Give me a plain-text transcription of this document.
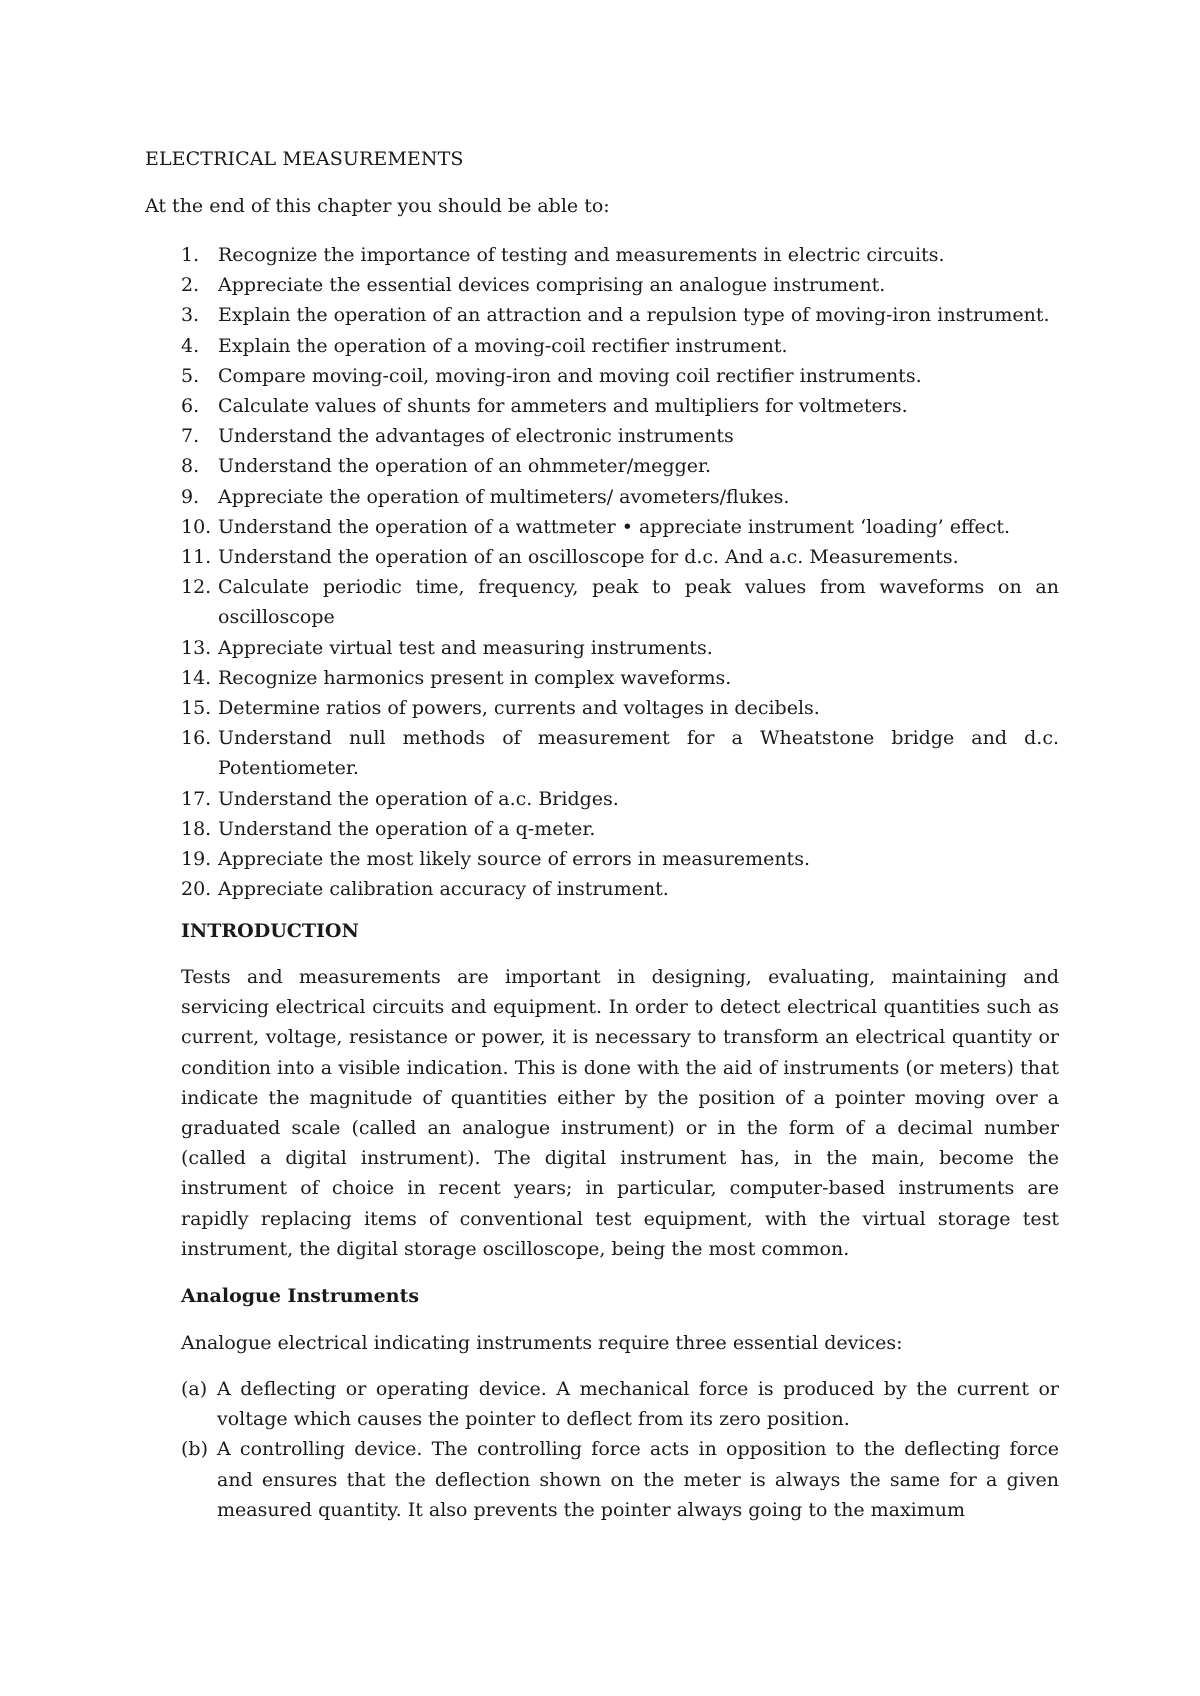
ELECTRICAL MEASUREMENTS
At the end of this chapter you should be able to:
1. Recognize the importance of testing and measurements in electric circuits.
2. Appreciate the essential devices comprising an analogue instrument.
3. Explain the operation of an attraction and a repulsion type of moving-iron instrument.
4. Explain the operation of a moving-coil rectifier instrument.
5. Compare moving-coil, moving-iron and moving coil rectifier instruments.
6. Calculate values of shunts for ammeters and multipliers for voltmeters.
7. Understand the advantages of electronic instruments
8. Understand the operation of an ohmmeter/megger.
9. Appreciate the operation of multimeters/ avometers/flukes.
10. Understand the operation of a wattmeter • appreciate instrument ‘loading’ effect.
11. Understand the operation of an oscilloscope for d.c. And a.c. Measurements.
12. Calculate periodic time, frequency, peak to peak values from waveforms on an oscilloscope
13. Appreciate virtual test and measuring instruments.
14. Recognize harmonics present in complex waveforms.
15. Determine ratios of powers, currents and voltages in decibels.
16. Understand null methods of measurement for a Wheatstone bridge and d.c. Potentiometer.
17. Understand the operation of a.c. Bridges.
18. Understand the operation of a q-meter.
19. Appreciate the most likely source of errors in measurements.
20. Appreciate calibration accuracy of instrument.
INTRODUCTION

Tests and measurements are important in designing, evaluating, maintaining and servicing electrical circuits and equipment. In order to detect electrical quantities such as current, voltage, resistance or power, it is necessary to transform an electrical quantity or condition into a visible indication. This is done with the aid of instruments (or meters) that indicate the magnitude of quantities either by the position of a pointer moving over a graduated scale (called an analogue instrument) or in the form of a decimal number (called a digital instrument). The digital instrument has, in the main, become the instrument of choice in recent years; in particular, computer-based instruments are rapidly replacing items of conventional test equipment, with the virtual storage test instrument, the digital storage oscilloscope, being the most common.

Analogue Instruments
Analogue electrical indicating instruments require three essential devices:
(a) A deflecting or operating device. A mechanical force is produced by the current or voltage which causes the pointer to deflect from its zero position.
(b) A controlling device. The controlling force acts in opposition to the deflecting force and ensures that the deflection shown on the meter is always the same for a given measured quantity. It also prevents the pointer always going to the maximum
